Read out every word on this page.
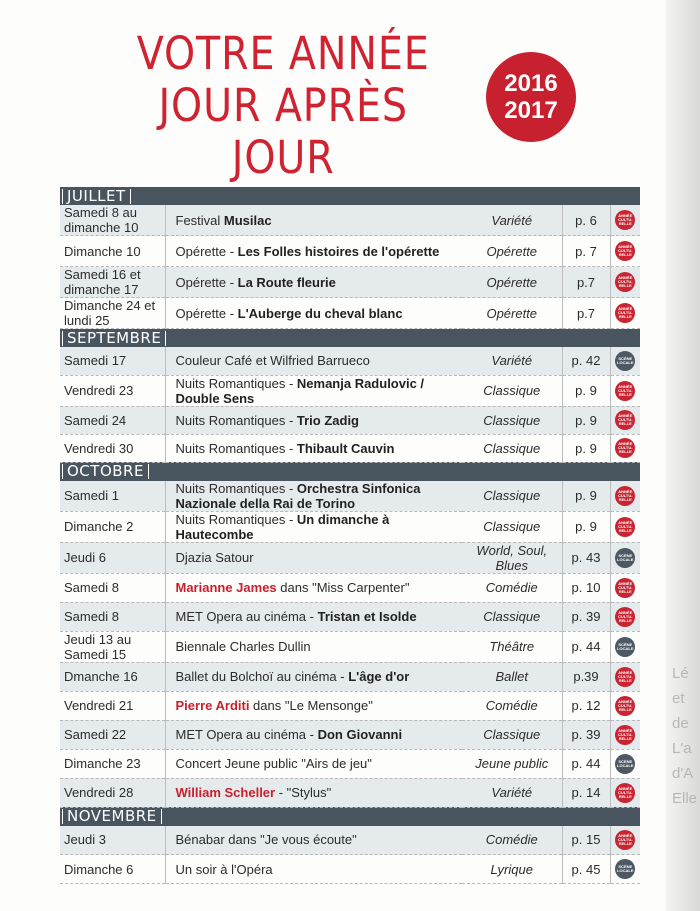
Lé
et
de
L'a
d'A
Elle
VOTRE ANNÉE
JOUR APRÈS JOUR
2016
2017
JUILLET				
Samedi 8 au dimanche 10	Festival Musilac	Variété	p. 6	ANNÉE
CULTU-
RELLE

Dimanche 10	Opérette - Les Folles histoires de l'opérette	Opérette	p. 7	ANNÉE
CULTU-
RELLE

Samedi 16 et dimanche 17	Opérette - La Route fleurie	Opérette	p.7	ANNÉE
CULTU-
RELLE

Dimanche 24 et lundi 25	Opérette - L'Auberge du cheval blanc	Opérette	p.7	ANNÉE
CULTU-
RELLE

SEPTEMBRE				
Samedi 17	Couleur Café et Wilfried Barrueco	Variété	p. 42	SCÈNE
LOCALE

Vendredi 23	Nuits Romantiques - Nemanja Radulovic / Double Sens	Classique	p. 9	ANNÉE
CULTU-
RELLE

Samedi 24	Nuits Romantiques - Trio Zadig	Classique	p. 9	ANNÉE
CULTU-
RELLE

Vendredi 30	Nuits Romantiques - Thibault Cauvin	Classique	p. 9	ANNÉE
CULTU-
RELLE

OCTOBRE				
Samedi 1	Nuits Romantiques - Orchestra Sinfonica Nazionale della Rai de Torino	Classique	p. 9	ANNÉE
CULTU-
RELLE

Dimanche 2	Nuits Romantiques - Un dimanche à Hautecombe	Classique	p. 9	ANNÉE
CULTU-
RELLE

Jeudi 6	Djazia Satour	World, Soul, Blues	p. 43	SCÈNE
LOCALE

Samedi 8	Marianne James dans "Miss Carpenter"	Comédie	p. 10	ANNÉE
CULTU-
RELLE

Samedi 8	MET Opera au cinéma - Tristan et Isolde	Classique	p. 39	ANNÉE
CULTU-
RELLE

Jeudi 13 au Samedi 15	Biennale Charles Dullin	Théâtre	p. 44	SCÈNE
LOCALE

Dmanche 16	Ballet du Bolchoï au cinéma - L'âge d'or	Ballet	p.39	ANNÉE
CULTU-
RELLE

Vendredi 21	Pierre Arditi dans "Le Mensonge"	Comédie	p. 12	ANNÉE
CULTU-
RELLE

Samedi 22	MET Opera au cinéma - Don Giovanni	Classique	p. 39	ANNÉE
CULTU-
RELLE

Dimanche 23	Concert Jeune public "Airs de jeu"	Jeune public	p. 44	SCÈNE
LOCALE

Vendredi 28	William Scheller - "Stylus"	Variété	p. 14	ANNÉE
CULTU-
RELLE

NOVEMBRE				
Jeudi 3	Bénabar dans "Je vous écoute"	Comédie	p. 15	ANNÉE
CULTU-
RELLE

Dimanche 6	Un soir à l'Opéra	Lyrique	p. 45	SCÈNE
LOCALE
